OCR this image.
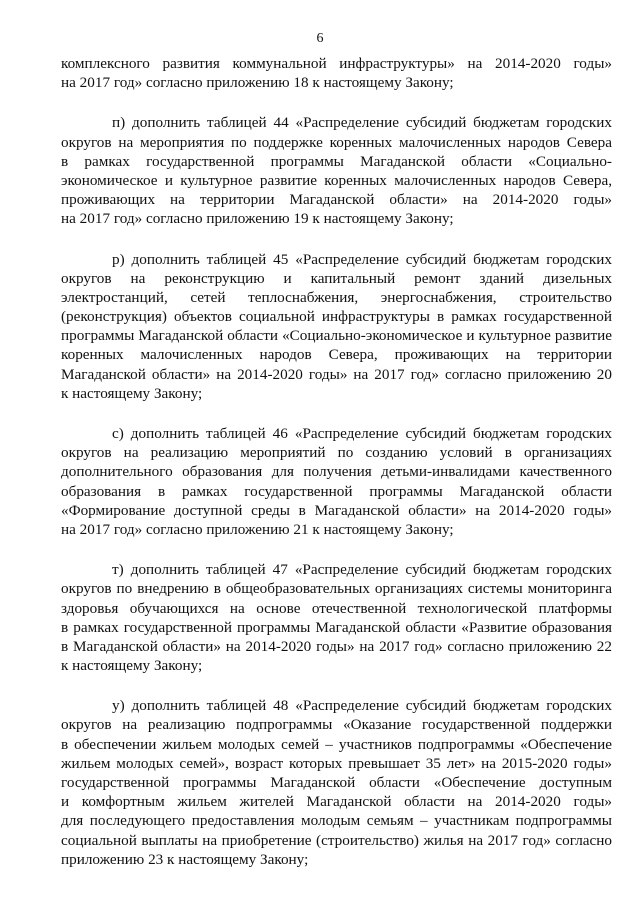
6
комплексного развития коммунальной инфраструктуры» на 2014-2020 годы»
на 2017 год» согласно приложению 18 к настоящему Закону;
п) дополнить таблицей 44 «Распределение субсидий бюджетам городских
округов на мероприятия по поддержке коренных малочисленных народов Севера
в рамках государственной программы Магаданской области «Социально-
экономическое и культурное развитие коренных малочисленных народов Севера,
проживающих на территории Магаданской области» на 2014-2020 годы»
на 2017 год» согласно приложению 19 к настоящему Закону;
р) дополнить таблицей 45 «Распределение субсидий бюджетам городских
округов на реконструкцию и капитальный ремонт зданий дизельных
электростанций, сетей теплоснабжения, энергоснабжения, строительство
(реконструкция) объектов социальной инфраструктуры в рамках государственной
программы Магаданской области «Социально-экономическое и культурное развитие
коренных малочисленных народов Севера, проживающих на территории
Магаданской области» на 2014-2020 годы» на 2017 год» согласно приложению 20
к настоящему Закону;
с) дополнить таблицей 46 «Распределение субсидий бюджетам городских
округов на реализацию мероприятий по созданию условий в организациях
дополнительного образования для получения детьми-инвалидами качественного
образования в рамках государственной программы Магаданской области
«Формирование доступной среды в Магаданской области» на 2014-2020 годы»
на 2017 год» согласно приложению 21 к настоящему Закону;
т) дополнить таблицей 47 «Распределение субсидий бюджетам городских
округов по внедрению в общеобразовательных организациях системы мониторинга
здоровья обучающихся на основе отечественной технологической платформы
в рамках государственной программы Магаданской области «Развитие образования
в Магаданской области» на 2014-2020 годы» на 2017 год» согласно приложению 22
к настоящему Закону;
у) дополнить таблицей 48 «Распределение субсидий бюджетам городских
округов на реализацию подпрограммы «Оказание государственной поддержки
в обеспечении жильем молодых семей – участников подпрограммы «Обеспечение
жильем молодых семей», возраст которых превышает 35 лет» на 2015-2020 годы»
государственной программы Магаданской области «Обеспечение доступным
и комфортным жильем жителей Магаданской области на 2014-2020 годы»
для последующего предоставления молодым семьям – участникам подпрограммы
социальной выплаты на приобретение (строительство) жилья на 2017 год» согласно
приложению 23 к настоящему Закону;
